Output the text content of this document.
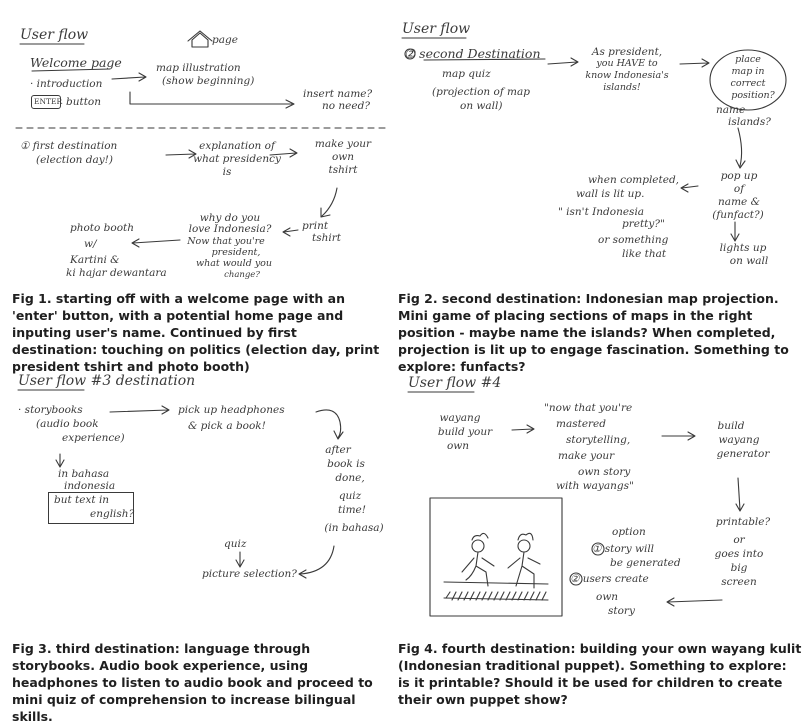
User flow
Welcome page
· introduction
ENTER button
page
map illustration
(show beginning)
insert name?
no need?
① first destination
(election day!)
explanation of
what presidency
is
make your
own
tshirt
print
tshirt
why do you
love Indonesia?
Now that you're
president,
what would you
change?
photo booth
w/
Kartini &
ki hajar dewantara
Fig 1. starting off with a welcome page with an 'enter' button, with a potential home page and inputing user's name. Continued by first destination: touching on politics (election day, print president tshirt and photo booth)
User flow
② second Destination
map quiz
(projection of map
on wall)
As president,
you HAVE to
know Indonesia's
islands!
place
map in
correct
position?
name
islands?
pop up
of
name &
(funfact?)
lights up
on wall
when completed,
wall is lit up.
" isn't Indonesia
pretty?"
or something
like that
Fig 2. second destination: Indonesian map projection. Mini game of placing sections of maps in the right position - maybe name the islands? When completed, projection is lit up to engage fascination. Something to explore: funfacts?
User flow #3 destination
· storybooks
(audio book
experience)
in bahasa
indonesia
but text in
english?
pick up headphones
& pick a book!
after
book is
done,
quiz
time!
(in bahasa)
quiz
picture selection?
Fig 3. third destination: language through storybooks. Audio book experience, using headphones to listen to audio book and proceed to mini quiz of comprehension to increase bilingual skills.
User flow #4
wayang
build your
own
"now that you're
mastered
storytelling,
make your
own story
with wayangs"
build
wayang
generator
printable?
or
goes into
big
screen
option
① story will
be generated
② users create
own
story
Fig 4. fourth destination: building your own wayang kulit (Indonesian traditional puppet). Something to explore: is it printable? Should it be used for children to create their own puppet show?
